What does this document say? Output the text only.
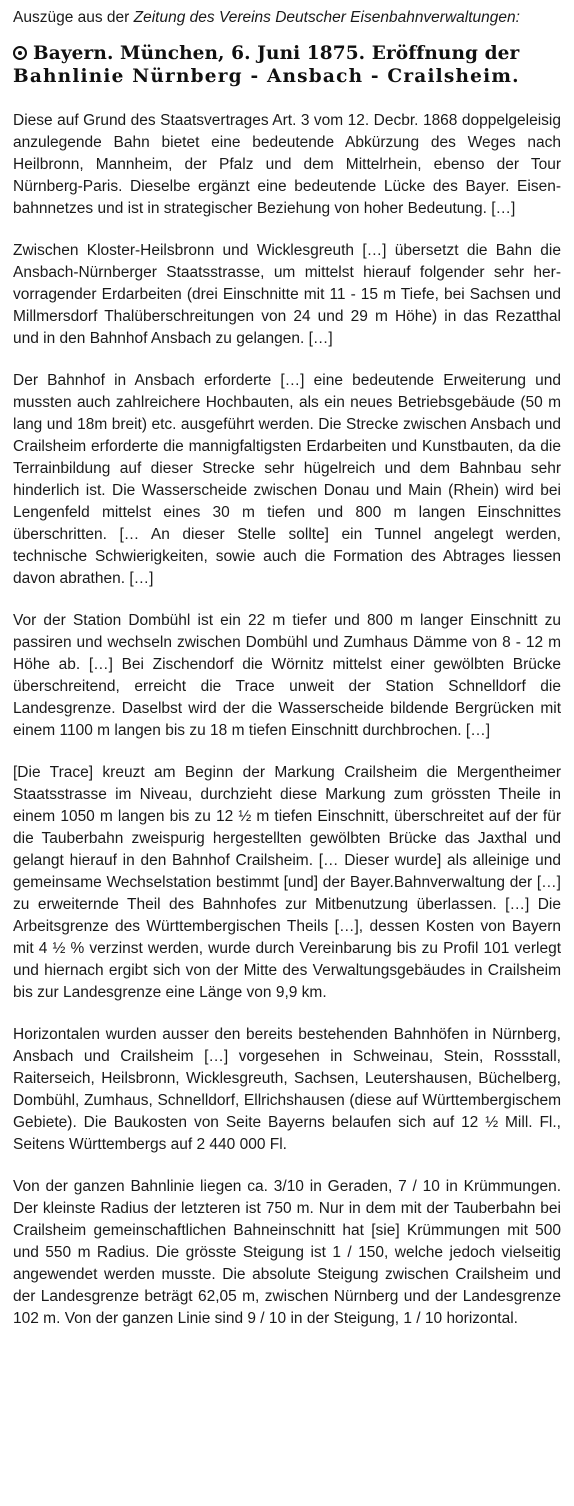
Auszüge aus der Zeitung des Vereins Deutscher Eisenbahnverwaltungen:
Bayern. München, 6. Juni 1875. Eröffnung der
Bahnlinie Nürnberg - Ansbach - Crailsheim.

Diese auf Grund des Staatsvertrages Art. 3 vom 12. Decbr. 1868 doppelgeleisig anzulegende Bahn bietet eine bedeutende Abkürzung des Weges nach Heilbronn, Mannheim, der Pfalz und dem Mittelrhein, ebenso der Tour Nürnberg-Paris. Dieselbe ergänzt eine bedeutende Lücke des Bayer. Eisenbahnnetzes und ist in strategischer Beziehung von hoher Bedeutung. […]

Zwischen Kloster-Heilsbronn und Wicklesgreuth […] übersetzt die Bahn die Ansbach-Nürnberger Staatsstrasse, um mittelst hierauf folgender sehr hervorragender Erdarbeiten (drei Einschnitte mit 11 - 15 m Tiefe, bei Sachsen und Millmersdorf Thalüberschreitungen von 24 und 29 m Höhe) in das Rezatthal und in den Bahnhof Ansbach zu gelangen. […]

Der Bahnhof in Ansbach erforderte […] eine bedeutende Erweiterung und mussten auch zahlreichere Hochbauten, als ein neues Betriebsgebäude (50 m lang und 18m breit) etc. ausgeführt werden. Die Strecke zwischen Ansbach und Crailsheim erforderte die mannigfaltigsten Erdarbeiten und Kunstbauten, da die Terrainbildung auf dieser Strecke sehr hügelreich und dem Bahnbau sehr hinderlich ist. Die Wasserscheide zwischen Donau und Main (Rhein) wird bei Lengenfeld mittelst eines 30 m tiefen und 800 m langen Einschnittes überschritten. [… An dieser Stelle sollte] ein Tunnel angelegt werden, technische Schwierigkeiten, sowie auch die Formation des Abtrages liessen davon abrathen. […]

Vor der Station Dombühl ist ein 22 m tiefer und 800 m langer Einschnitt zu passiren und wechseln zwischen Dombühl und Zumhaus Dämme von 8 - 12 m Höhe ab. […] Bei Zischendorf die Wörnitz mittelst einer gewölbten Brücke überschreitend, erreicht die Trace unweit der Station Schnelldorf die Landesgrenze. Daselbst wird der die Wasserscheide bildende Bergrücken mit einem 1100 m langen bis zu 18 m tiefen Einschnitt durchbrochen. […]

[Die Trace] kreuzt am Beginn der Markung Crailsheim die Mergentheimer Staatsstrasse im Niveau, durchzieht diese Markung zum grössten Theile in einem 1050 m langen bis zu 12 ½ m tiefen Einschnitt, überschreitet auf der für die Tauberbahn zweispurig hergestellten gewölbten Brücke das Jaxthal und gelangt hierauf in den Bahnhof Crailsheim. [… Dieser wurde] als alleinige und gemeinsame Wechselstation bestimmt [und] der Bayer.Bahnverwaltung der […] zu erweiternde Theil des Bahnhofes zur Mitbenutzung überlassen. […] Die Arbeitsgrenze des Württembergischen Theils […], dessen Kosten von Bayern mit 4 ½ % verzinst werden, wurde durch Vereinbarung bis zu Profil 101 verlegt und hiernach ergibt sich von der Mitte des Verwaltungsgebäudes in Crailsheim bis zur Landesgrenze eine Länge von 9,9 km.

Horizontalen wurden ausser den bereits bestehenden Bahnhöfen in Nürnberg, Ansbach und Crailsheim […] vorgesehen in Schweinau, Stein, Rossstall, Raiterseich, Heilsbronn, Wicklesgreuth, Sachsen, Leutershausen, Büchelberg, Dombühl, Zumhaus, Schnelldorf, Ellrichshausen (diese auf Württembergischem Gebiete). Die Baukosten von Seite Bayerns belaufen sich auf 12 ½ Mill. Fl., Seitens Württembergs auf 2 440 000 Fl.

Von der ganzen Bahnlinie liegen ca. 3/10 in Geraden, 7 / 10 in Krümmungen. Der kleinste Radius der letzteren ist 750 m. Nur in dem mit der Tauberbahn bei Crailsheim gemeinschaftlichen Bahneinschnitt hat [sie] Krümmungen mit 500 und 550 m Radius. Die grösste Steigung ist 1 / 150, welche jedoch vielseitig angewendet werden musste. Die absolute Steigung zwischen Crailsheim und der Landesgrenze beträgt 62,05 m, zwischen Nürnberg und der Landesgrenze 102 m. Von der ganzen Linie sind 9 / 10 in der Steigung, 1 / 10 horizontal.
